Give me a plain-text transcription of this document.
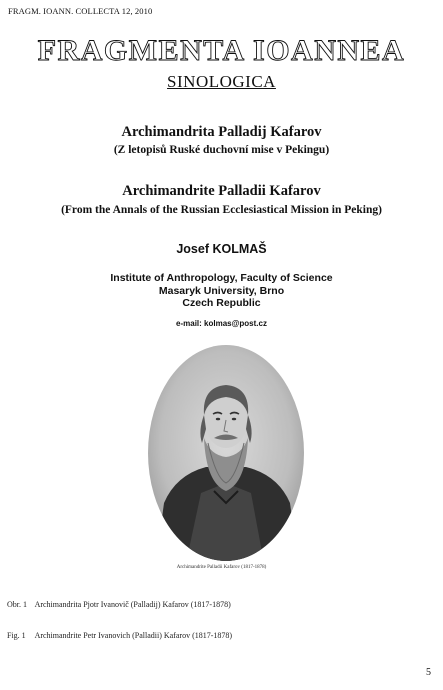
FRAGM. IOANN. COLLECTA 12, 2010
FRAGMENTA IOANNEA
SINOLOGICA
Archimandrita Palladij Kafarov
(Z letopisů Ruské duchovní mise v Pekingu)
Archimandrite Palladii Kafarov
(From the Annals of the Russian Ecclesiastical Mission in Peking)
Josef KOLMAŠ
Institute of Anthropology, Faculty of Science
Masaryk University, Brno
Czech Republic
e-mail: kolmas@post.cz
Archimandrite Palladii Kafarov (1817-1878)
Obr. 1 Archimandrita Pjotr Ivanovič (Palladij) Kafarov (1817-1878)
Fig. 1 Archimandrite Petr Ivanovich (Palladii) Kafarov (1817-1878)
5
